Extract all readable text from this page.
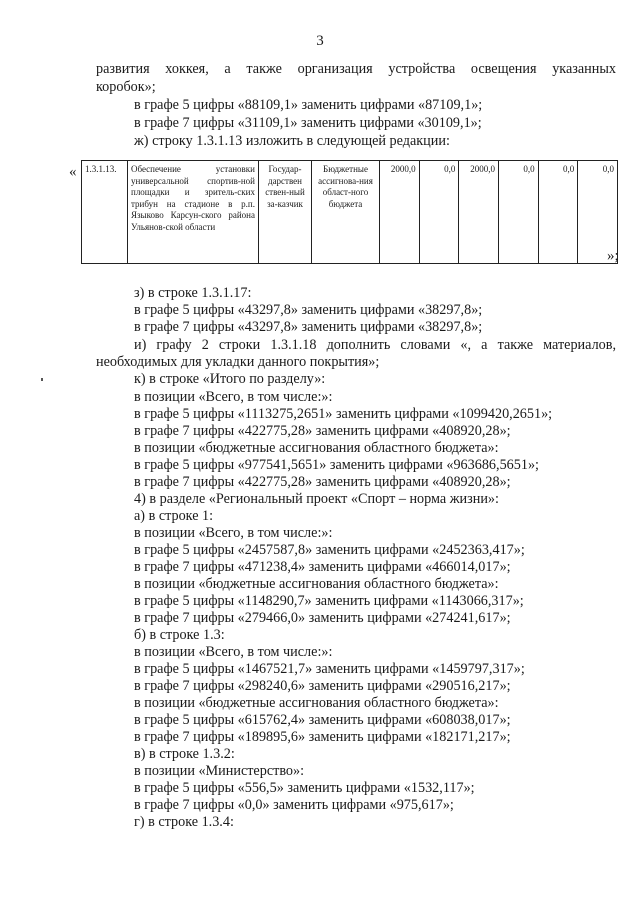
3
развития хоккея, а также организация устройства освещения указанных
коробок»;
в графе 5 цифры «88109,1» заменить цифрами «87109,1»;
в графе 7 цифры «31109,1» заменить цифрами «30109,1»;
ж) строку 1.3.1.13 изложить в следующей редакции:
« 1.3.1.13.	Обеспечение установки универсальной спортив-ной площадки и зритель-ских трибун на стадионе в р.п. Языково Карсун-ского района Ульянов-ской области	Государ-дарствен ствен-ный за-казчик	Бюджетные ассигнова-ния област-ного бюджета	2000,0	0,0	2000,0	0,0	0,0	0,0
»;
з) в строке 1.3.1.17:
в графе 5 цифры «43297,8» заменить цифрами «38297,8»;
в графе 7 цифры «43297,8» заменить цифрами «38297,8»;
и) графу 2 строки 1.3.1.18 дополнить словами «, а также материалов,
необходимых для укладки данного покрытия»;
к) в строке «Итого по разделу»:
в позиции «Всего, в том числе:»:
в графе 5 цифры «1113275,2651» заменить цифрами «1099420,2651»;
в графе 7 цифры «422775,28» заменить цифрами «408920,28»;
в позиции «бюджетные ассигнования областного бюджета»:
в графе 5 цифры «977541,5651» заменить цифрами «963686,5651»;
в графе 7 цифры «422775,28» заменить цифрами «408920,28»;
4) в разделе «Региональный проект «Спорт – норма жизни»:
а) в строке 1:
в позиции «Всего, в том числе:»:
в графе 5 цифры «2457587,8» заменить цифрами «2452363,417»;
в графе 7 цифры «471238,4» заменить цифрами «466014,017»;
в позиции «бюджетные ассигнования областного бюджета»:
в графе 5 цифры «1148290,7» заменить цифрами «1143066,317»;
в графе 7 цифры «279466,0» заменить цифрами «274241,617»;
б) в строке 1.3:
в позиции «Всего, в том числе:»:
в графе 5 цифры «1467521,7» заменить цифрами «1459797,317»;
в графе 7 цифры «298240,6» заменить цифрами «290516,217»;
в позиции «бюджетные ассигнования областного бюджета»:
в графе 5 цифры «615762,4» заменить цифрами «608038,017»;
в графе 7 цифры «189895,6» заменить цифрами «182171,217»;
в) в строке 1.3.2:
в позиции «Министерство»:
в графе 5 цифры «556,5» заменить цифрами «1532,117»;
в графе 7 цифры «0,0» заменить цифрами «975,617»;
г) в строке 1.3.4:
